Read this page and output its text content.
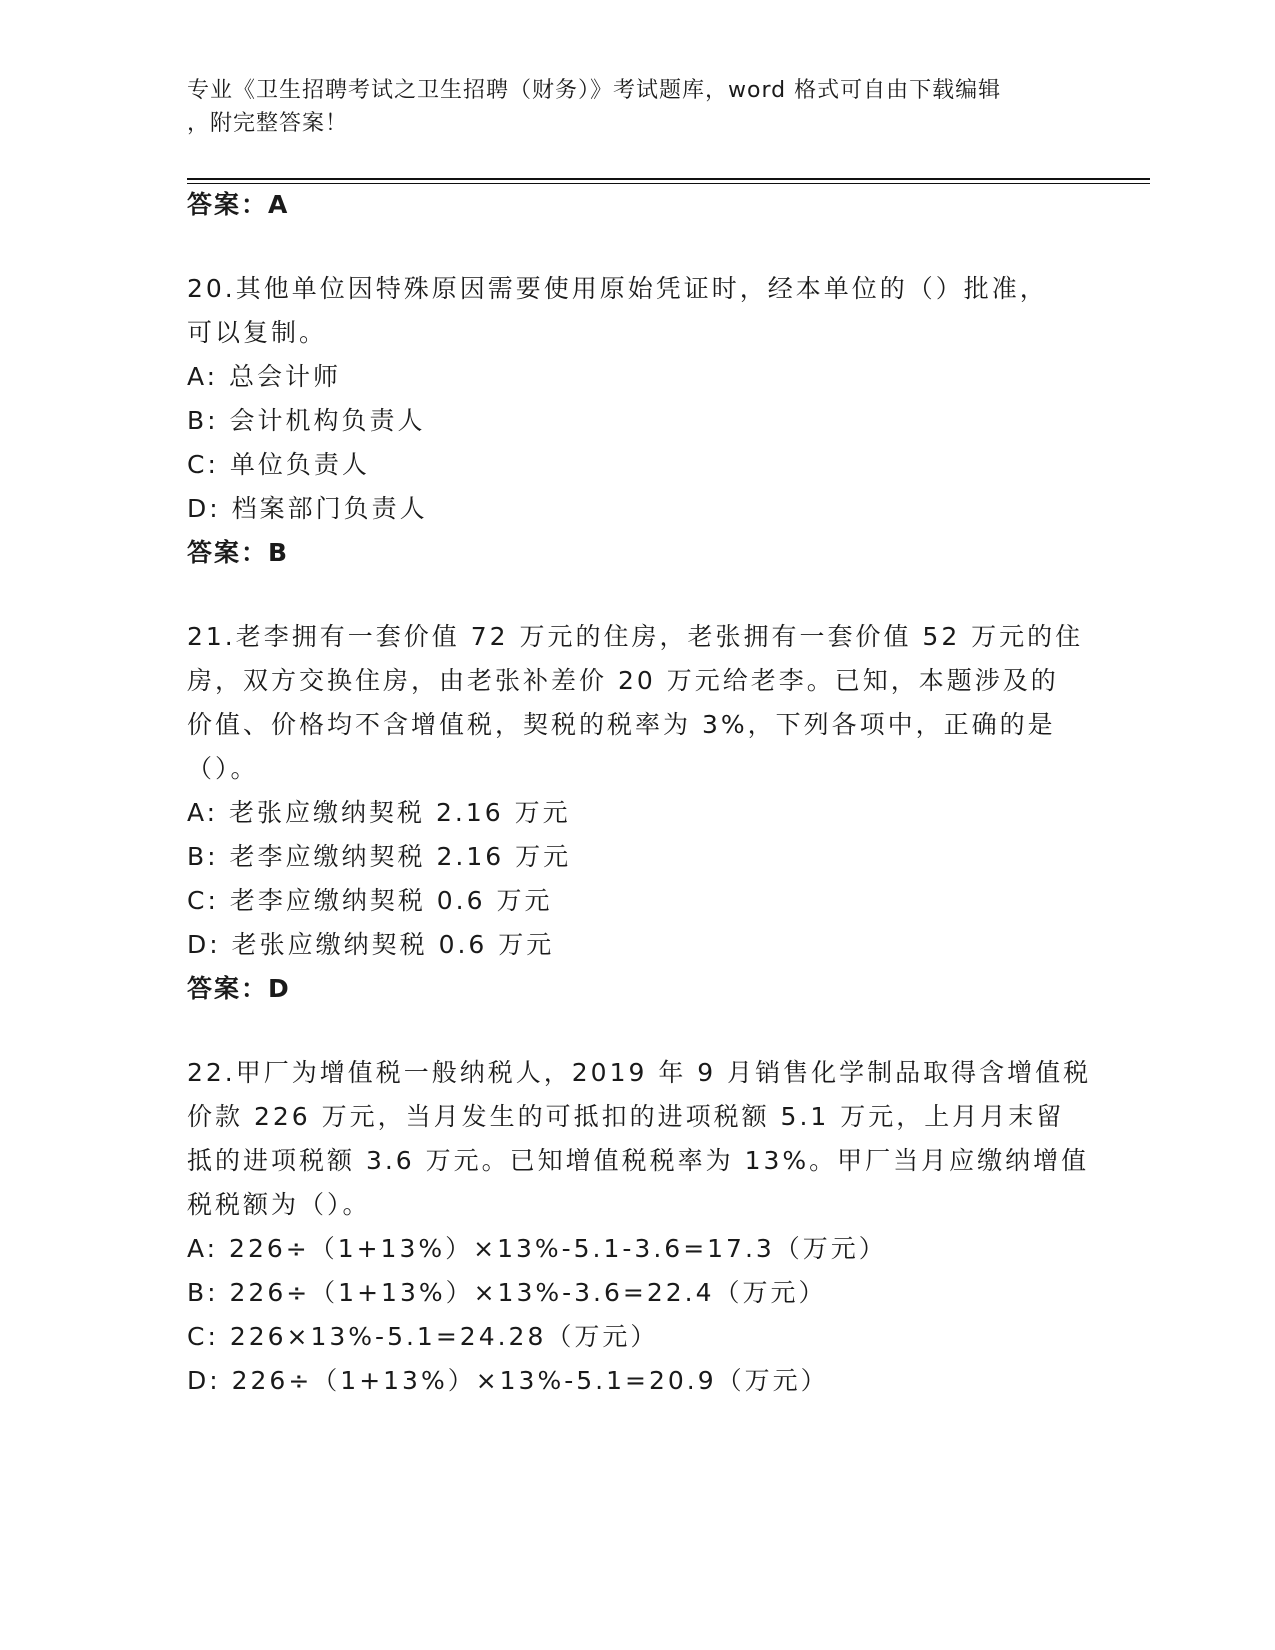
专业《卫生招聘考试之卫生招聘（财务）》考试题库，word 格式可自由下载编辑
，附完整答案！
答案：A
20.其他单位因特殊原因需要使用原始凭证时，经本单位的（）批准，
可以复制。
A: 总会计师
B: 会计机构负责人
C: 单位负责人
D: 档案部门负责人
答案：B
21.老李拥有一套价值 72 万元的住房，老张拥有一套价值 52 万元的住
房，双方交换住房，由老张补差价 20 万元给老李。已知，本题涉及的
价值、价格均不含增值税，契税的税率为 3%，下列各项中，正确的是
（）。
A: 老张应缴纳契税 2.16 万元
B: 老李应缴纳契税 2.16 万元
C: 老李应缴纳契税 0.6 万元
D: 老张应缴纳契税 0.6 万元
答案：D
22.甲厂为增值税一般纳税人，2019 年 9 月销售化学制品取得含增值税
价款 226 万元，当月发生的可抵扣的进项税额 5.1 万元，上月月末留
抵的进项税额 3.6 万元。已知增值税税率为 13%。甲厂当月应缴纳增值
税税额为（）。
A: 226÷（1+13%）×13%-5.1-3.6=17.3（万元）
B: 226÷（1+13%）×13%-3.6=22.4（万元）
C: 226×13%-5.1=24.28（万元）
D: 226÷（1+13%）×13%-5.1=20.9（万元）
